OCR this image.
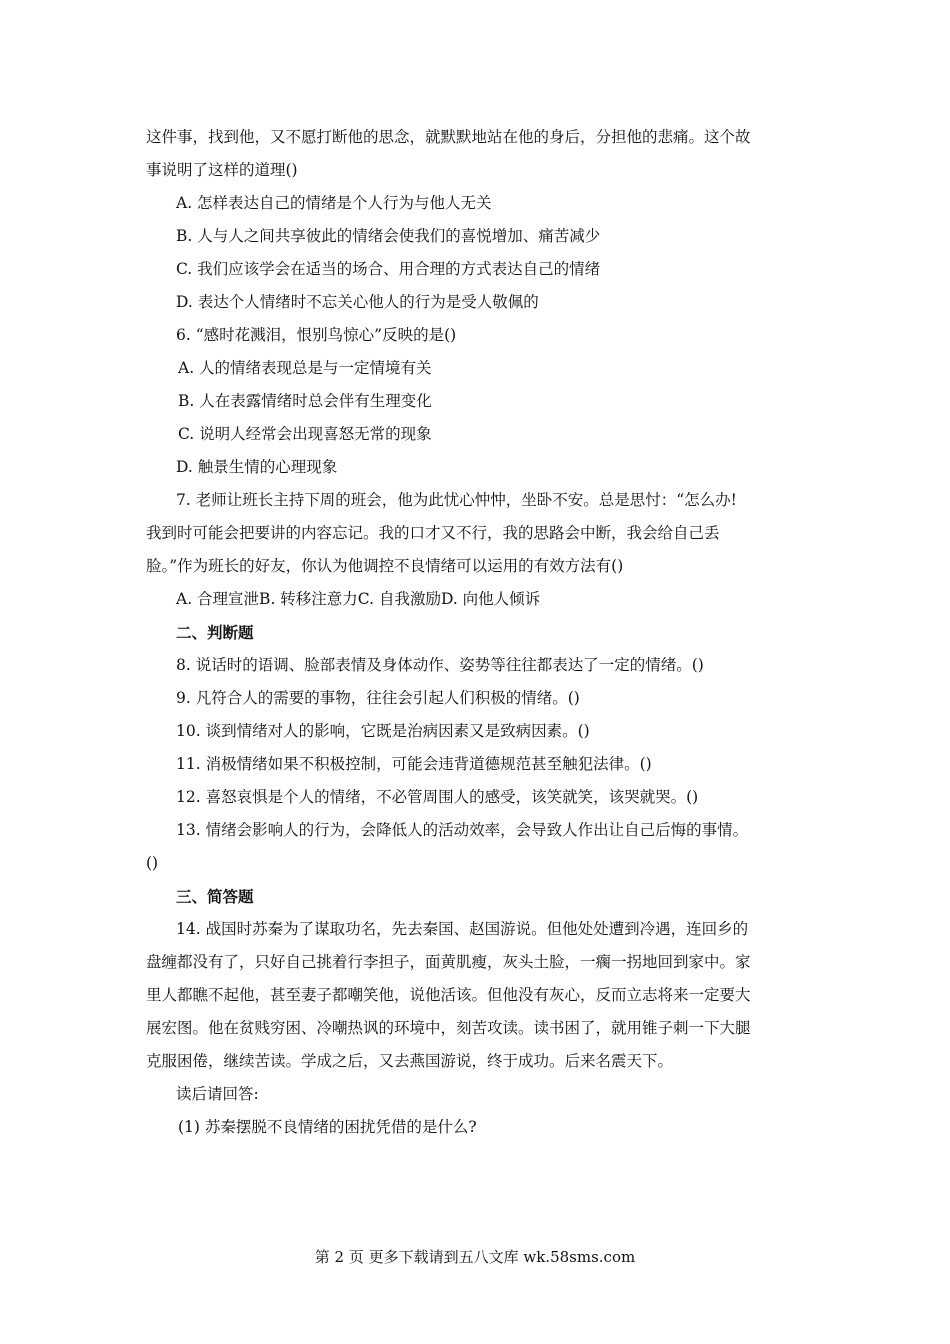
这件事，找到他，又不愿打断他的思念，就默默地站在他的身后，分担他的悲痛。这个故
事说明了这样的道理()
A. 怎样表达自己的情绪是个人行为与他人无关
B. 人与人之间共享彼此的情绪会使我们的喜悦增加、痛苦减少
C. 我们应该学会在适当的场合、用合理的方式表达自己的情绪
D. 表达个人情绪时不忘关心他人的行为是受人敬佩的
6. “感时花溅泪，恨别鸟惊心”反映的是()
A. 人的情绪表现总是与一定情境有关
B. 人在表露情绪时总会伴有生理变化
C. 说明人经常会出现喜怒无常的现象
D. 触景生情的心理现象
7. 老师让班长主持下周的班会，他为此忧心忡忡，坐卧不安。总是思忖：“怎么办!
我到时可能会把要讲的内容忘记。我的口才又不行，我的思路会中断，我会给自己丢
脸。”作为班长的好友，你认为他调控不良情绪可以运用的有效方法有()
A. 合理宣泄B. 转移注意力C. 自我激励D. 向他人倾诉
二、判断题
8. 说话时的语调、脸部表情及身体动作、姿势等往往都表达了一定的情绪。()
9. 凡符合人的需要的事物，往往会引起人们积极的情绪。()
10. 谈到情绪对人的影响，它既是治病因素又是致病因素。()
11. 消极情绪如果不积极控制，可能会违背道德规范甚至触犯法律。()
12. 喜怒哀惧是个人的情绪，不必管周围人的感受，该笑就笑，该哭就哭。()
13. 情绪会影响人的行为，会降低人的活动效率，会导致人作出让自己后悔的事情。
()
三、简答题
14. 战国时苏秦为了谋取功名，先去秦国、赵国游说。但他处处遭到冷遇，连回乡的
盘缠都没有了，只好自己挑着行李担子，面黄肌瘦，灰头土脸，一瘸一拐地回到家中。家
里人都瞧不起他，甚至妻子都嘲笑他，说他活该。但他没有灰心，反而立志将来一定要大
展宏图。他在贫贱穷困、冷嘲热讽的环境中，刻苦攻读。读书困了，就用锥子刺一下大腿
克服困倦，继续苦读。学成之后，又去燕国游说，终于成功。后来名震天下。
读后请回答:
(1) 苏秦摆脱不良情绪的困扰凭借的是什么?
第 2 页 更多下载请到五八文库 wk.58sms.com
